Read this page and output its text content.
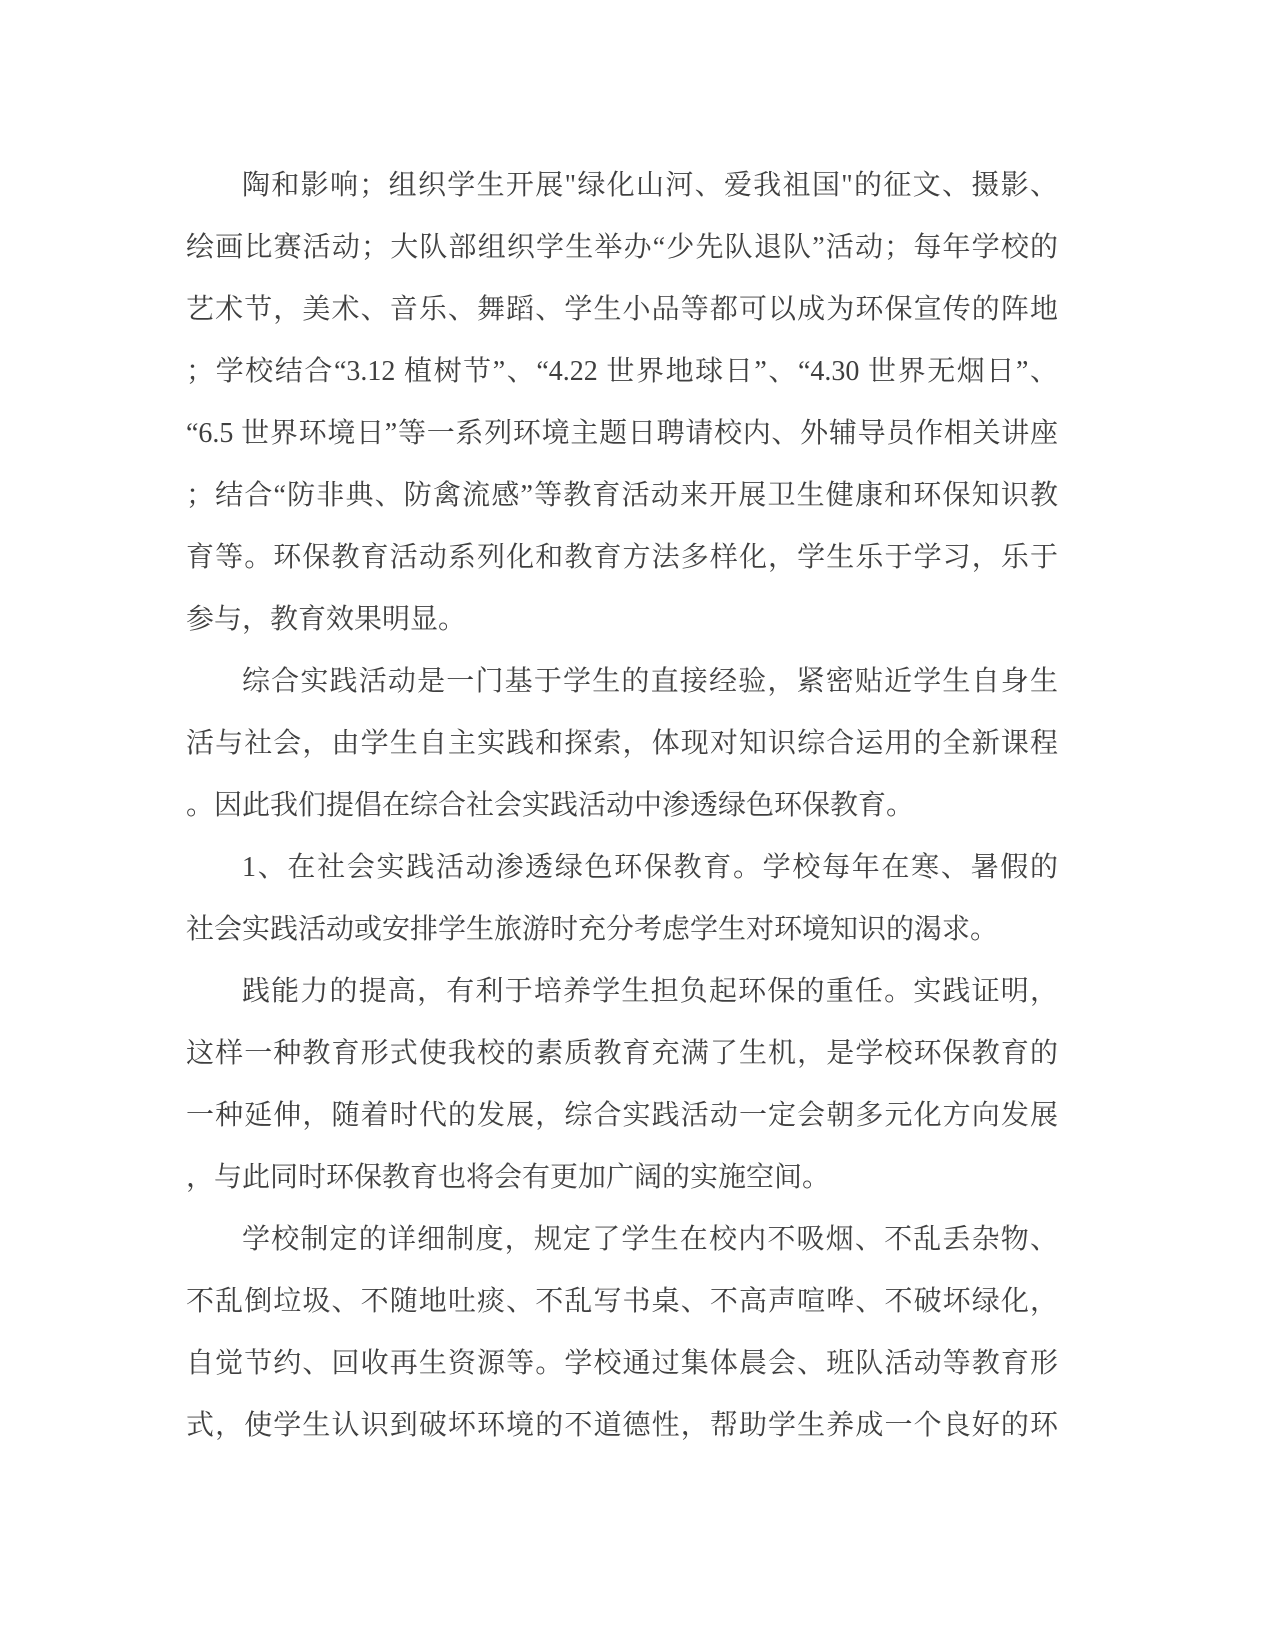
陶和影响；组织学生开展"绿化山河、爱我祖国"的征文、摄影、
绘画比赛活动；大队部组织学生举办“少先队退队”活动；每年学校的
艺术节，美术、音乐、舞蹈、学生小品等都可以成为环保宣传的阵地
；学校结合“3.12 植树节”、“4.22 世界地球日”、“4.30 世界无烟日”、
“6.5 世界环境日”等一系列环境主题日聘请校内、外辅导员作相关讲座
；结合“防非典、防禽流感”等教育活动来开展卫生健康和环保知识教
育等。环保教育活动系列化和教育方法多样化，学生乐于学习，乐于
参与，教育效果明显。
综合实践活动是一门基于学生的直接经验，紧密贴近学生自身生
活与社会，由学生自主实践和探索，体现对知识综合运用的全新课程
。因此我们提倡在综合社会实践活动中渗透绿色环保教育。
1、在社会实践活动渗透绿色环保教育。学校每年在寒、暑假的
社会实践活动或安排学生旅游时充分考虑学生对环境知识的渴求。
践能力的提高，有利于培养学生担负起环保的重任。实践证明，
这样一种教育形式使我校的素质教育充满了生机，是学校环保教育的
一种延伸，随着时代的发展，综合实践活动一定会朝多元化方向发展
，与此同时环保教育也将会有更加广阔的实施空间。
学校制定的详细制度，规定了学生在校内不吸烟、不乱丢杂物、
不乱倒垃圾、不随地吐痰、不乱写书桌、不高声喧哗、不破坏绿化，
自觉节约、回收再生资源等。学校通过集体晨会、班队活动等教育形
式，使学生认识到破坏环境的不道德性，帮助学生养成一个良好的环
